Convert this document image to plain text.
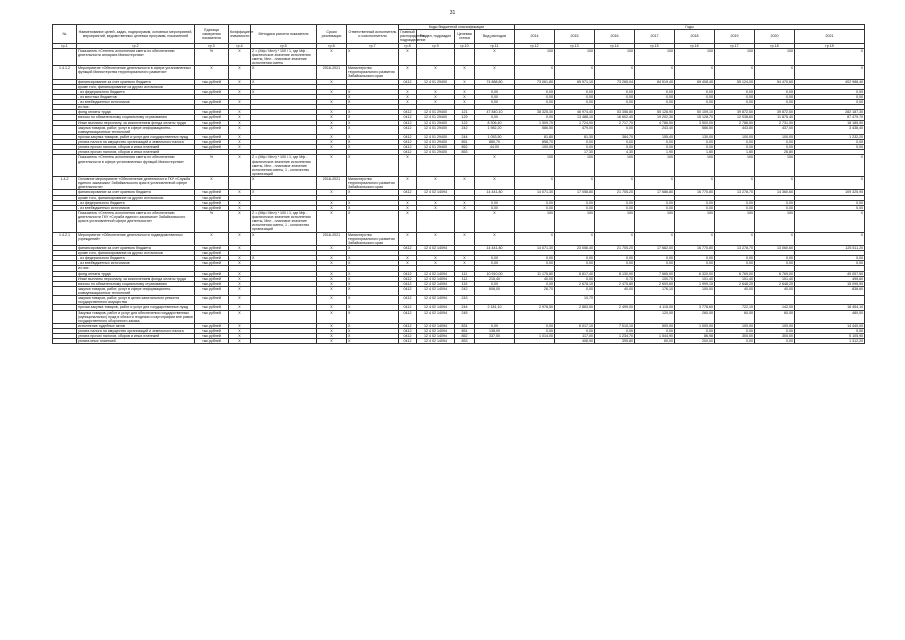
31
№	Наименование целей, задач, подпрограмм, основных мероприятий, мероприятий, ведомственных целевых программ, показателей	Единица измерения показателя	Коэффициент значимости	Методика расчета показателя	Сроки реализации	Ответственный исполнитель и соисполнители	Коды бюджетной классификации				Годы							
							Главный распорядитель, подразделение	Раздел, подраздел	Целевая статья	Вид расходов	2014	2015	2016	2017	2018	2019	2020	2021
гр.1	гр.2	гр.3	гр.4	гр.5	гр.6	гр.7	гр.8	гр.9	гр.10	гр.11	гр.12	гр.13	гр.14	гр.15	гр.16	гр.17	гр.18	гр.19
	Показатель «Степень исполнения сметы по обеспечению деятельности аппарата Министерства»	%	Х	Z = (Мф / Мпл) * 100 / 1, где Мф - фактическое значение исполнения сметы, Мпл - плановое значение исполнения сметы	Х	Х	Х			Х	100	100	100	100	100	100	100	Х
1.4.1.2	Мероприятие «Обеспечение деятельности в сфере установленных функций Министерства территориального развития»	Х	Х	Х	2016-2021	Министерство территориального развития Забайкальского края	Х	Х	Х	Х	Х	Х	Х	Х	Х	Х	Х	Х
	финансирование за счет краевого бюджета	тыс.рублей	Х	Х	Х		0412	12 4 01 29400	Х	74 888,80	73 061,80	65 971,10	73 265,04	84 519,40	69 408,40	55 124,00	54 470,60	402 988,40
	кроме того, финансирование из других источников																	
	- из федерального бюджета	тыс.рублей	Х	Х	Х	Х	Х	Х	Х	0,00	0,00	0,00	0,00	0,00	0,00	0,00	0,00	0,00
	- из местных бюджетов					Х	Х	Х	Х	0,00	0,00	0,00	0,00	0,00	0,00	0,00	0,00	0,00
	- из внебюджетных источников	тыс.рублей	Х		Х	Х	Х	Х	Х	0,00	0,00	0,00	0,00	0,00	0,00	0,00	0,00	0,00
	из них:																	
	фонд оплаты труда	тыс.рублей	Х		Х	Х	0412	12 4 01 29400	121	47 840,10	38 325,30	46 974,40	53 356,80	55 126,90	50 109,10	39 872,50	39 872,50	282 187,30
	взносы по обязательному социальному страхованию	тыс.рублей	Х		Х	Х	0412	12 4 01 29400	129	0,00	0,00	13 488,10	16 602,40	19 202,30	15 128,70	12 038,60	11 875,40	87 479,70
	Иные выплаты персоналу, за исключением фонда оплаты труда	тыс.рублей	Х		Х	Х	0412	12 4 01 29400	122	8 306,40	1 509,70	1 724,00	2 717,70	4 786,50	3 500,00	2 788,50	2 731,00	18 185,90
	закупка товаров, работ, услуг в сфере информационно-коммуникационных технологий	тыс.рублей	Х		Х	Х	0412	12 4 01 29400	242	1 982,20	586,50	479,00	0,00	243,40	566,50	443,80	437,00	3 438,40
	прочая закупка товаров, работ и услуг для государственных нужд	тыс.рублей	Х		Х	Х	0412	12 4 01 29400	244	1 053,50	81,80	81,30	384,70	155,40	130,00	100,00	100,00	1 232,20
	уплата налога на имущество организаций и земельного налога	тыс.рублей	Х		Х	Х	0412	12 4 01 29400	851	880,70	858,70	0,00	0,00	0,00	0,00	0,00	0,00	0,00
	уплата прочих налогов, сборов и иных платежей	тыс.рублей	Х		Х	Х	0412	12 4 01 29400	852	44,00	100,00	0,00	0,00	0,00	0,00	0,00	0,00	0,00
	уплата прочих налогов, сборов и иных платежей						0412	12 4 01 29400	853			17,30	4,30	1,90	1,80	1,80	26,80	
	Показатель «Степень исполнения сметы по обеспечению деятельности в сфере установленных функций Министерства»	%	Х	Z = (Мф / Мпл) * 100 / 1, где Мф - фактическое значение исполнения сметы, Мпл - плановое значение исполнения сметы, 1 - количество организаций	Х	Х	Х			Х	100	100	100	100	100	100	100	Х
1.4.2	Основное мероприятие «Обеспечение деятельности ГКУ «Служба единого заказчика» Забайкальского края в установленной сфере деятельности»	Х		Х	2016-2021	Министерство территориального развития Забайкальского края	Х	Х	Х	Х	Х	Х	Х	Х	Х	Х	Х	Х
	финансирование за счет краевого бюджета	тыс.рублей	Х	Х	Х	Х	0412	12 4 02 14094		14 441,80	14 071,30	17 058,80	21 705,20	17 686,80	16 770,80	13 278,70	14 360,60	109 325,90
	кроме того, финансирование из других источников:	тыс.рублей																
	- из федерального бюджета	тыс.рублей	Х		Х	Х	Х	Х	Х	0,00	0,00	0,00	0,00	0,00	0,00	0,00	0,00	0,00
	- из внебюджетных источников	тыс.рублей	Х		Х	Х	Х	Х	Х	0,00	0,00	0,00	0,00	0,00	0,00	0,00	0,00	0,00
	Показатель «Степень исполнения сметы по обеспечению деятельности ГКУ «Служба единого заказчика» Забайкальского края в установленной сфере деятельности»	%	Х	Z = (Мф / Мпл) * 100 / 1, где Мф - фактическое значение исполнения сметы, Мпл - плановое значение исполнения сметы, 1 - количество организаций	Х	Х	Х			Х	100	100	100	100	100	100	100	Х
1.4.2.1	Мероприятие «Обеспечение деятельности подведомственных учреждений»	Х	Х	Х	2016-2021	Министерство территориального развития Забайкальского края	Х	Х	Х	Х	Х	Х	Х	Х	Х	Х	Х	Х
	финансирование за счет краевого бюджета	тыс.рублей	Х		Х	Х	0412	12 4 02 14094		14 441,80	14 071,30	23 056,40	21 705,20	17 682,00	16 770,80	13 278,70	13 060,60	125 511,20
	кроме того, финансирование из других источников	тыс.рублей																
	- из федерального бюджета	тыс.рублей	Х	Х	Х	Х	Х	Х	Х	0,00	0,00	0,00	0,00	0,00	0,00	0,00	0,00	0,00
	- из внебюджетных источников	тыс.рублей	Х		Х	Х	Х	Х	Х	0,00	0,00	0,00	0,00	0,00	0,00	0,00	0,00	0,00
	из них:																	
	фонд оплаты труда	тыс.рублей	Х		Х	Х	0412	12 4 02 14094	111	10 910,00	11 175,80	8 817,40	8 130,90	7 665,00	6 320,00	6 769,00	6 769,00	49 057,50
	Иные выплаты персоналу, за исключением фонда оплаты труда	тыс.рублей	Х		Х	Х	0412	12 4 02 14094	112	215,40	40,00	0,00	0,70	100,70	101,40	101,40	101,40	495,60
	взносы по обязательному социальному страхованию	тыс.рублей	Х		Х	Х	0412	12 4 02 14094	119	0,00	0,00	2 678,10	2 475,80	2 609,60	1 999,15	2 648,20	2 648,20	15 095,90
	закупка товаров, работ, услуг в сфере информационно-коммуникационных технологий	тыс.рублей	Х		Х	Х	0412	12 4 02 14094	242	606,00	26,70	0,00	40,00	176,10	100,00	40,00	40,00	836,60
	закупка товаров, работ, услуг в целях капитального ремонта государственного имущества	тыс.рублей	Х		Х	Х	0412	12 4 02 14094	243			10,70						
	прочая закупка товаров, работ и услуг для государственных нужд	тыс.рублей	Х		Х	Х	0412	12 4 02 14094	244	2 181,10	2 976,50	2 883,50	2 499,00	4 115,00	3 778,60	722,10	142,00	18 454,10
	Закупка товаров, работ и услуг для обеспечения государственных (муниципальных) нужд в области геодезии и картографии вне рамок государственного оборонного заказа	тыс.рублей	Х		Х	Х	0412	12 4 02 14094	245					120,00	260,00	60,00	60,00	480,00
	исполнение судебных актов	тыс.рублей	Х		Х	Х	0412	12 4 02 14094	831	0,00	0,00	6 017,10	7 010,10	500,00	1 000,00	100,00	100,00	14 440,00
	уплата налога на имущество организаций и земельного налога	тыс.рублей	Х		Х	Х	0412	12 4 02 14094	851	138,00	0,00	0,00	0,00	0,00	0,00	0,00	0,00	0,00
	уплата прочих налогов, сборов и иных платежей	тыс.рублей	Х		Х	Х	0412	12 4 02 14094	852	337,50	1 014,00	117,00	1 234,70	1 544,90	86,98	300,00	300,00	5 105,90
	уплата иных платежей	тыс.рублей	Х		Х	Х	0412	12 4 02 14094	853			406,90	395,80	60,00	200,00	0,00	0,00	1 312,20
